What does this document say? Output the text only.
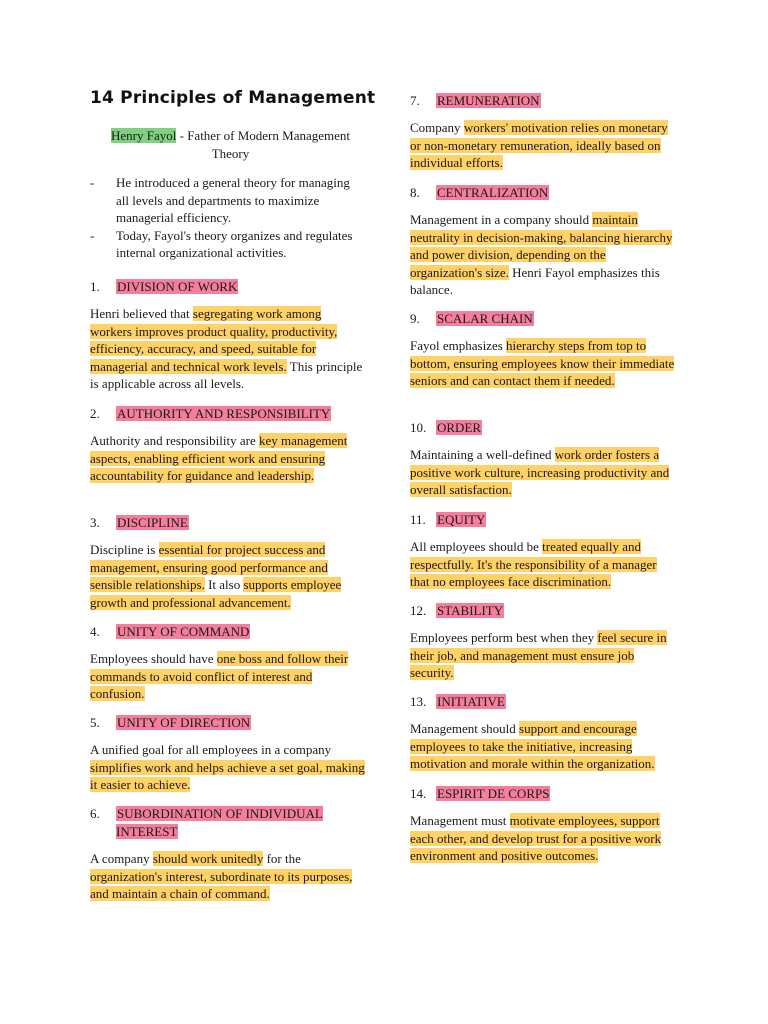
14 Principles of Management
Henry Fayol - Father of Modern Management Theory
- He introduced a general theory for managing all levels and departments to maximize managerial efficiency.
- Today, Fayol's theory organizes and regulates internal organizational activities.
1.	DIVISION OF WORK
Henri believed that segregating work among workers improves product quality, productivity, efficiency, accuracy, and speed, suitable for managerial and technical work levels. This principle is applicable across all levels.
2.	AUTHORITY AND RESPONSIBILITY
Authority and responsibility are key management aspects, enabling efficient work and ensuring accountability for guidance and leadership.
3.	DISCIPLINE
Discipline is essential for project success and management, ensuring good performance and sensible relationships. It also supports employee growth and professional advancement.
4.	UNITY OF COMMAND
Employees should have one boss and follow their commands to avoid conflict of interest and confusion.
5.	UNITY OF DIRECTION
A unified goal for all employees in a company simplifies work and helps achieve a set goal, making it easier to achieve.
6.	SUBORDINATION OF INDIVIDUAL INTEREST
A company should work unitedly for the organization's interest, subordinate to its purposes, and maintain a chain of command.
7.	REMUNERATION
Company workers' motivation relies on monetary or non-monetary remuneration, ideally based on individual efforts.
8.	CENTRALIZATION
Management in a company should maintain neutrality in decision-making, balancing hierarchy and power division, depending on the organization's size. Henri Fayol emphasizes this balance.
9.	SCALAR CHAIN
Fayol emphasizes hierarchy steps from top to bottom, ensuring employees know their immediate seniors and can contact them if needed.
10. ORDER
Maintaining a well-defined work order fosters a positive work culture, increasing productivity and overall satisfaction.
11. EQUITY
All employees should be treated equally and respectfully. It's the responsibility of a manager that no employees face discrimination.
12. STABILITY
Employees perform best when they feel secure in their job, and management must ensure job security.
13. INITIATIVE
Management should support and encourage employees to take the initiative, increasing motivation and morale within the organization.
14. ESPIRIT DE CORPS
Management must motivate employees, support each other, and develop trust for a positive work environment and positive outcomes.
